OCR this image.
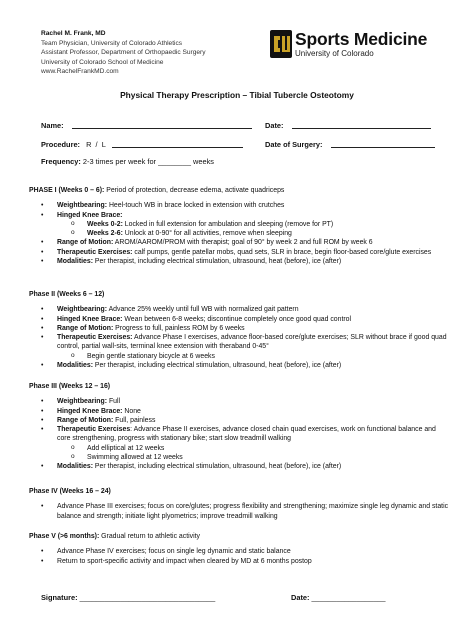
Rachel M. Frank, MD
Team Physician, University of Colorado Athletics
Assistant Professor, Department of Orthopaedic Surgery
University of Colorado School of Medicine
www.RachelFrankMD.com
Sports Medicine
University of Colorado
Physical Therapy Prescription – Tibial Tubercle Osteotomy
Name:	Date:
Procedure: R  /  L	Date of Surgery:
Frequency: 2-3 times per week for ________ weeks
PHASE I (Weeks 0 – 6): Period of protection, decrease edema, activate quadriceps
• Weightbearing: Heel-touch WB in brace locked in extension with crutches
• Hinged Knee Brace:
o Weeks 0-2: Locked in full extension for ambulation and sleeping (remove for PT)
o Weeks 2-6: Unlock at 0-90° for all activities, remove when sleeping
• Range of Motion: AROM/AAROM/PROM with therapist; goal of 90° by week 2 and full ROM by week 6
• Therapeutic Exercises: calf pumps, gentle patellar mobs, quad sets, SLR in brace, begin floor-based core/glute exercises
• Modalities: Per therapist, including electrical stimulation, ultrasound, heat (before), ice (after)
Phase II (Weeks 6 – 12)
• Weightbearing: Advance 25% weekly until full WB with normalized gait pattern
• Hinged Knee Brace: Wean between 6-8 weeks; discontinue completely once good quad control
• Range of Motion: Progress to full, painless ROM by 6 weeks
• Therapeutic Exercises: Advance Phase I exercises, advance floor-based core/glute exercises; SLR without brace if good quad control, partial wall-sits, terminal knee extension with theraband 0-45°
o Begin gentle stationary bicycle at 6 weeks
• Modalities: Per therapist, including electrical stimulation, ultrasound, heat (before), ice (after)
Phase III (Weeks 12 – 16)
• Weightbearing: Full
• Hinged Knee Brace: None
• Range of Motion: Full, painless
• Therapeutic Exercises: Advance Phase II exercises, advance closed chain quad exercises, work on functional balance and core strengthening, progress with stationary bike; start slow treadmill walking
o Add elliptical at 12 weeks
o Swimming allowed at 12 weeks
• Modalities: Per therapist, including electrical stimulation, ultrasound, heat (before), ice (after)
Phase IV (Weeks 16 – 24)
• Advance Phase III exercises; focus on core/glutes; progress flexibility and strengthening; maximize single leg dynamic and static balance and strength; initiate light plyometrics; improve treadmill walking
Phase V (>6 months): Gradual return to athletic activity
• Advance Phase IV exercises; focus on single leg dynamic and static balance
• Return to sport-specific activity and impact when cleared by MD at 6 months postop
Signature: _________________________________	Date: __________________
